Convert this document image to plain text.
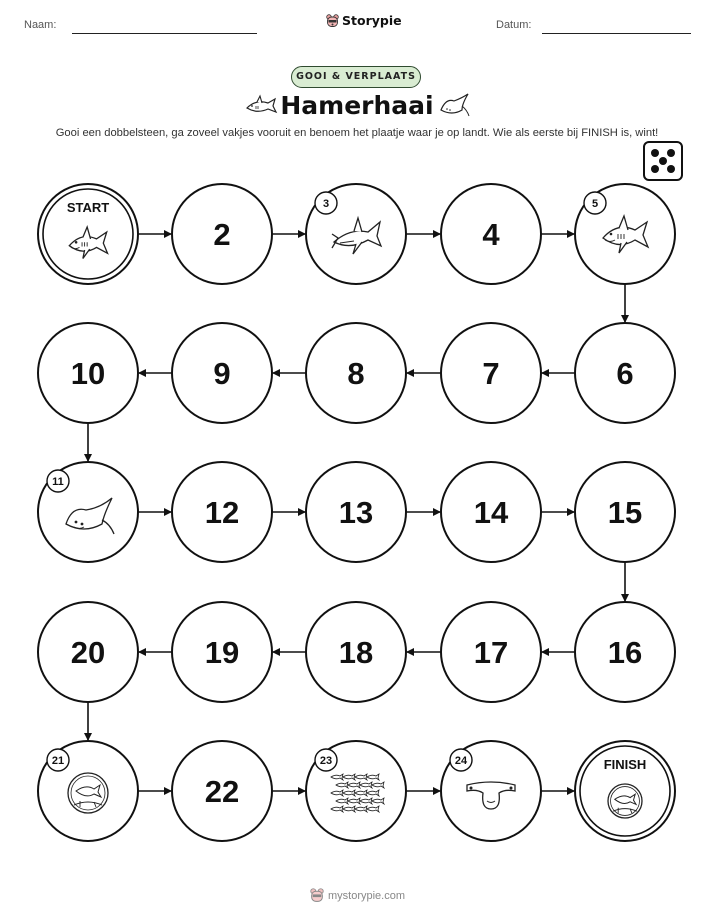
Naam:	Storypie	Datum:
GOOI & VERPLAATS
Hamerhaai
Gooi een dobbelsteen, ga zoveel vakjes vooruit en benoem het plaatje waar je op landt. Wie als eerste bij FINISH is, wint!
START
2
3
4
5
6
7
8
9
10
11
12	13	14	15
16
17
18
19
20
21
22
23	24	FINISH
mystorypie.com
